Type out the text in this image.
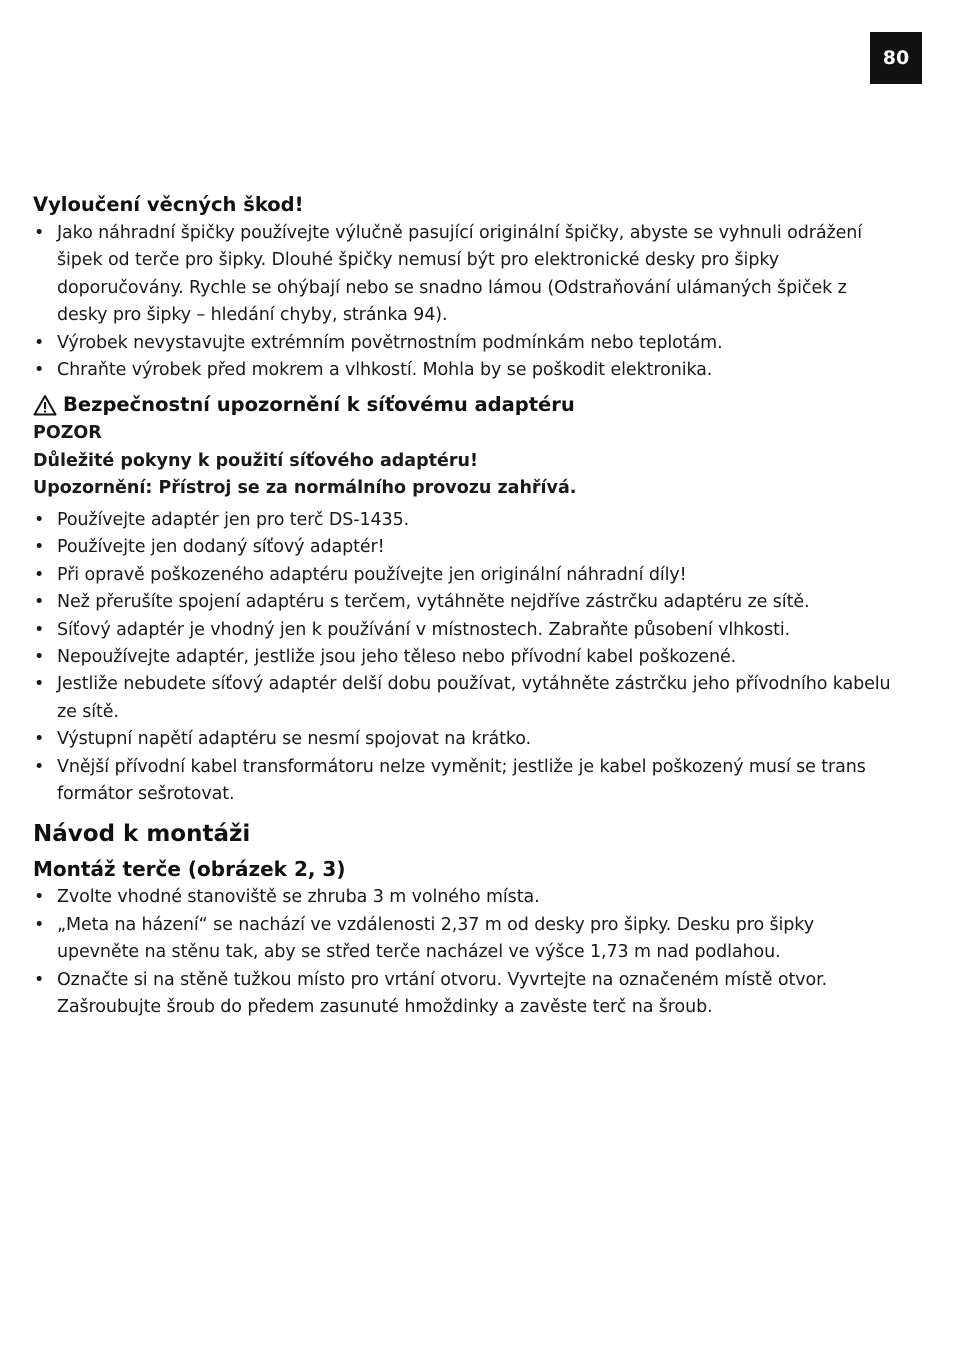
80
Vyloučení věcných škod!
• Jako náhradní špičky používejte výlučně pasující originální špičky, abyste se vyhnuli odrážení šipek od terče pro šipky. Dlouhé špičky nemusí být pro elektronické desky pro šipky doporučovány. Rychle se ohýbají nebo se snadno lámou (Odstraňování ulámaných špiček z desky pro šipky – hledání chyby, stránka 94).
• Výrobek nevystavujte extrémním povětrnostním podmínkám nebo teplotám.
• Chraňte výrobek před mokrem a vlhkostí. Mohla by se poškodit elektronika.
Bezpečnostní upozornění k síťovému adaptéru

POZOR

Důležité pokyny k použití síťového adaptéru!

Upozornění: Přístroj se za normálního provozu zahřívá.

• Používejte adaptér jen pro terč DS-1435.
• Používejte jen dodaný síťový adaptér!
• Při opravě poškozeného adaptéru používejte jen originální náhradní díly!
• Než přerušíte spojení adaptéru s terčem, vytáhněte nejdříve zástrčku adaptéru ze sítě.
• Síťový adaptér je vhodný jen k používání v místnostech. Zabraňte působení vlhkosti.
• Nepoužívejte adaptér, jestliže jsou jeho těleso nebo přívodní kabel poškozené.
• Jestliže nebudete síťový adaptér delší dobu používat, vytáhněte zástrčku jeho přívodního kabelu ze sítě.
• Výstupní napětí adaptéru se nesmí spojovat na krátko.
• Vnější přívodní kabel transformátoru nelze vyměnit; jestliže je kabel poškozený musí se trans formátor sešrotovat.
Návod k montáži
Montáž terče (obrázek 2, 3)
• Zvolte vhodné stanoviště se zhruba 3 m volného místa.
• „Meta na házení“ se nachází ve vzdálenosti 2,37 m od desky pro šipky. Desku pro šipky upevněte na stěnu tak, aby se střed terče nacházel ve výšce 1,73 m nad podlahou.
• Označte si na stěně tužkou místo pro vrtání otvoru. Vyvrtejte na označeném místě otvor. Zašroubujte šroub do předem zasunuté hmoždinky a zavěste terč na šroub.
